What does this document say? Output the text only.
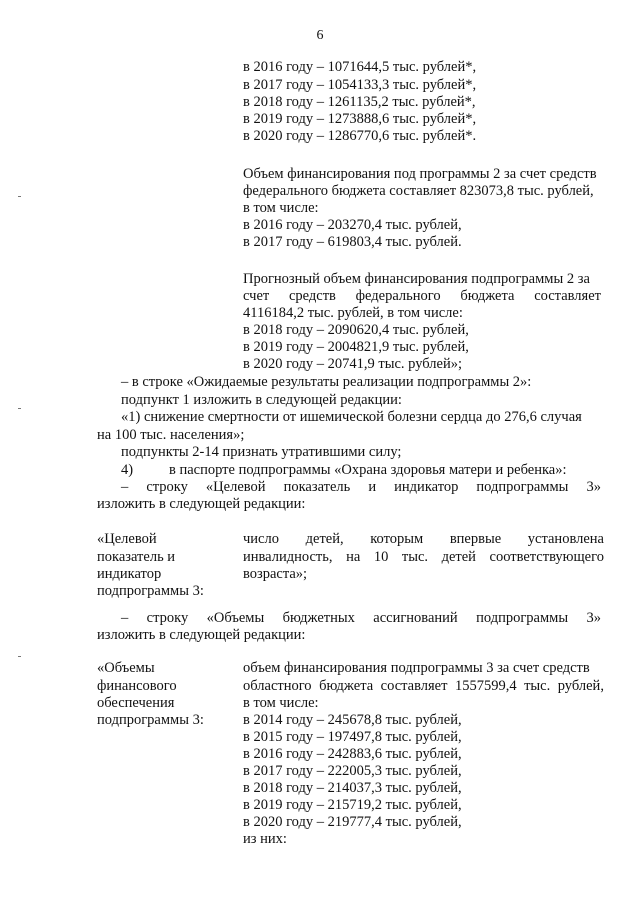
6
в 2016 году – 1071644,5 тыс. рублей*,
в 2017 году – 1054133,3 тыс. рублей*,
в 2018 году – 1261135,2 тыс. рублей*,
в 2019 году – 1273888,6 тыс. рублей*,
в 2020 году – 1286770,6 тыс. рублей*.
Объем финансирования под программы 2 за счет средств
федерального бюджета составляет 823073,8 тыс. рублей,
в том числе:
в 2016 году – 203270,4 тыс. рублей,
в 2017 году – 619803,4 тыс. рублей.
Прогнозный объем финансирования подпрограммы 2 за
счет средств федерального бюджета составляет
4116184,2 тыс. рублей, в том числе:
в 2018 году – 2090620,4 тыс. рублей,
в 2019 году – 2004821,9 тыс. рублей,
в 2020 году – 20741,9 тыс. рублей»;
– в строке «Ожидаемые результаты реализации подпрограммы 2»:
подпункт 1 изложить в следующей редакции:
«1) снижение смертности от ишемической болезни сердца до 276,6 случая
на 100 тыс. населения»;
подпункты 2-14 признать утратившими силу;
4) в паспорте подпрограммы «Охрана здоровья матери и ребенка»:
– строку «Целевой показатель и индикатор подпрограммы 3»
изложить в следующей редакции:
«Целевой
показатель и
индикатор
подпрограммы 3:
число детей, которым впервые установлена
инвалидность, на 10 тыс. детей соответствующего
возраста»;
– строку «Объемы бюджетных ассигнований подпрограммы 3»
изложить в следующей редакции:
«Объемы
финансового
обеспечения
подпрограммы 3:
объем финансирования подпрограммы 3 за счет средств
областного бюджета составляет 1557599,4 тыс. рублей,
в том числе:
в 2014 году – 245678,8 тыс. рублей,
в 2015 году – 197497,8 тыс. рублей,
в 2016 году – 242883,6 тыс. рублей,
в 2017 году – 222005,3 тыс. рублей,
в 2018 году – 214037,3 тыс. рублей,
в 2019 году – 215719,2 тыс. рублей,
в 2020 году – 219777,4 тыс. рублей,
из них:
